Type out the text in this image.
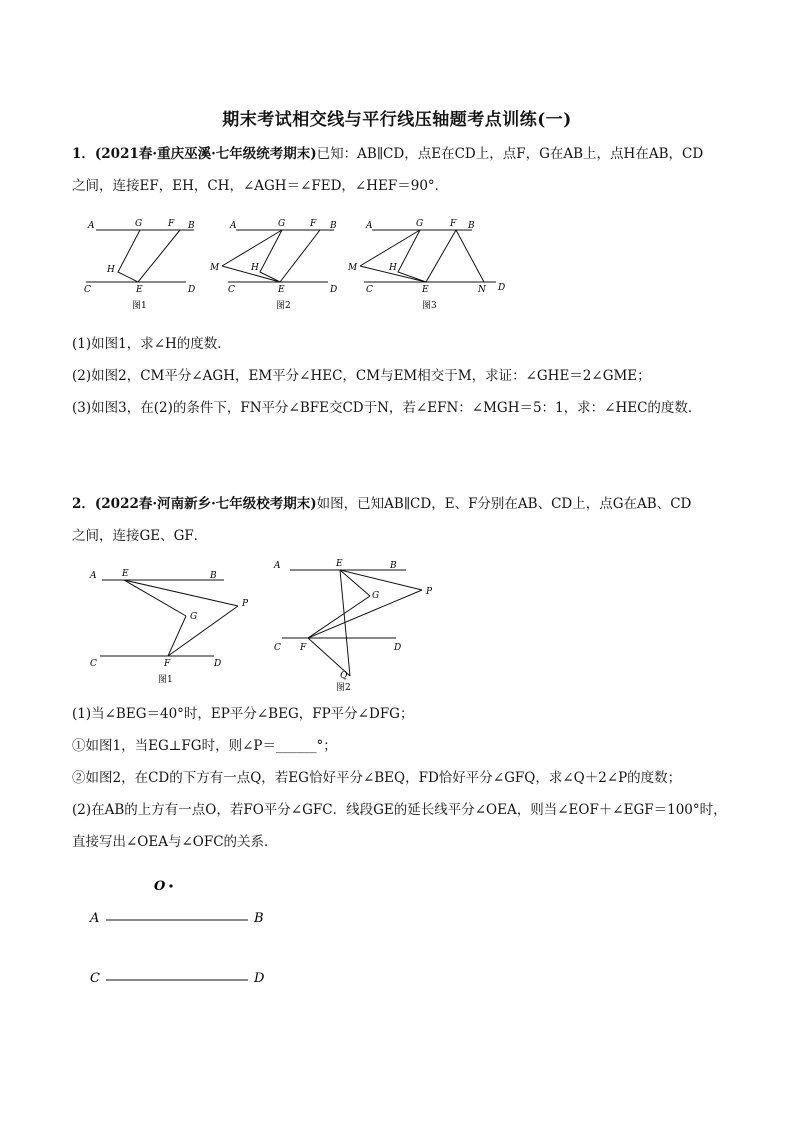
期末考试相交线与平行线压轴题考点训练(一)
1．(2021春·重庆巫溪·七年级统考期末)已知：AB∥CD，点E在CD上，点F，G在AB上，点H在AB，CD
之间，连接EF，EH，CH，∠AGH＝∠FED，∠HEF＝90°．
A	G	F B
H
C	E	D
图1
A	G	F B
M	H
C	E	D
图2
A	G	F B
M	H
C	E	N D
图3
(1)如图1，求∠H的度数．
(2)如图2，CM平分∠AGH，EM平分∠HEC，CM与EM相交于M，求证：∠GHE＝2∠GME；
(3)如图3，在(2)的条件下，FN平分∠BFE交CD于N，若∠EFN：∠MGH＝5：1，求：∠HEC的度数．
2．(2022春·河南新乡·七年级校考期末)如图，已知AB∥CD，E、F分别在AB、CD上，点G在AB、CD
之间，连接GE、GF．
A	E	B
G
P
C	F	D
图1
A	E	B
G	P
C F	D
Q
图2
(1)当∠BEG＝40°时，EP平分∠BEG，FP平分∠DFG；
①如图1，当EG⊥FG时，则∠P＝______°；
②如图2，在CD的下方有一点Q，若EG恰好平分∠BEQ，FD恰好平分∠GFQ，求∠Q＋2∠P的度数；
(2)在AB的上方有一点O，若FO平分∠GFC．线段GE的延长线平分∠OEA，则当∠EOF＋∠EGF＝100°时，
直接写出∠OEA与∠OFC的关系．
O
A	B
C	D
